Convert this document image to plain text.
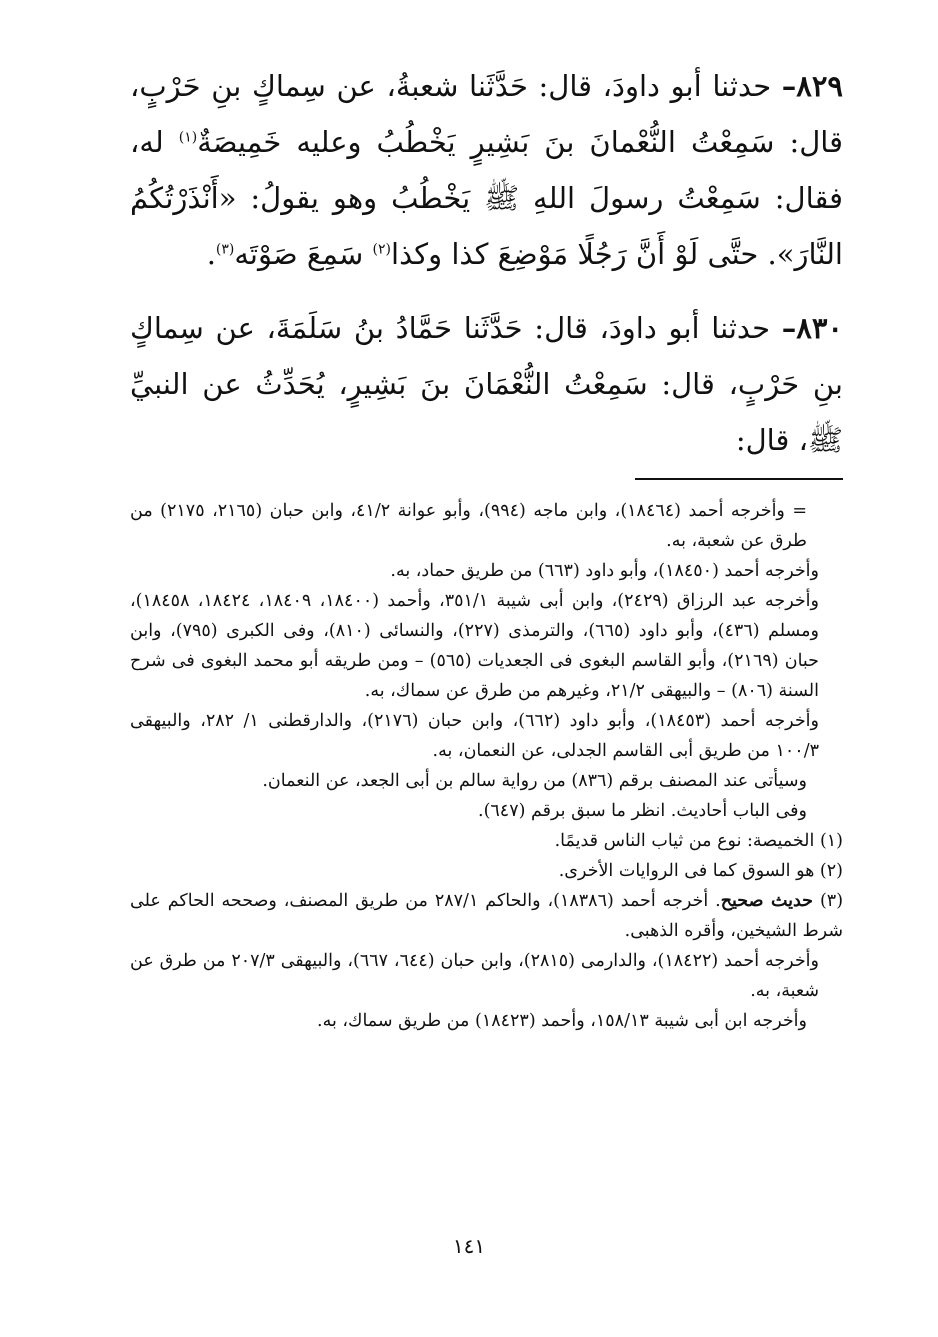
٨٢٩– حدثنا أبو داودَ، قال: حَدَّثَنا شعبةُ، عن سِماكٍ بنِ حَرْبٍ، قال: سَمِعْتُ النُّعْمانَ بنَ بَشِيرٍ يَخْطُبُ وعليه خَمِيصَةٌ$^{(١)}$ له، فقال: سَمِعْتُ رسولَ اللهِ ﷺ يَخْطُبُ وهو يقولُ: «أَنْذَرْتُكُمُ النَّارَ». حتَّى لَوْ أَنَّ رَجُلًا مَوْضِعَ كذا وكذا$^{(٢)}$ سَمِعَ صَوْتَه$^{(٣)}$.

٨٣٠– حدثنا أبو داودَ، قال: حَدَّثَنا حَمَّادُ بنُ سَلَمَةَ، عن سِماكٍ بنِ حَرْبٍ، قال: سَمِعْتُ النُّعْمَانَ بنَ بَشِيرٍ، يُحَدِّثُ عن النبيِّ ﷺ، قال:

= وأخرجه أحمد (١٨٤٦٤)، وابن ماجه (٩٩٤)، وأبو عوانة ٤١/٢، وابن حبان (٢١٦٥، ٢١٧٥) من طرق عن شعبة، به.

وأخرجه أحمد (١٨٤٥٠)، وأبو داود (٦٦٣) من طريق حماد، به.

وأخرجه عبد الرزاق (٢٤٢٩)، وابن أبى شيبة ٣٥١/١، وأحمد (١٨٤٠٠، ١٨٤٠٩، ١٨٤٢٤، ١٨٤٥٨)، ومسلم (٤٣٦)، وأبو داود (٦٦٥)، والترمذى (٢٢٧)، والنسائى (٨١٠)، وفى الكبرى (٧٩٥)، وابن حبان (٢١٦٩)، وأبو القاسم البغوى فى الجعديات (٥٦٥) – ومن طريقه أبو محمد البغوى فى شرح السنة (٨٠٦) – والبيهقى ٢١/٢، وغيرهم من طرق عن سماك، به.

وأخرجه أحمد (١٨٤٥٣)، وأبو داود (٦٦٢)، وابن حبان (٢١٧٦)، والدارقطنى ١/ ٢٨٢، والبيهقى ١٠٠/٣ من طريق أبى القاسم الجدلى، عن النعمان، به.

وسيأتى عند المصنف برقم (٨٣٦) من رواية سالم بن أبى الجعد، عن النعمان.

وفى الباب أحاديث. انظر ما سبق برقم (٦٤٧).

(١) الخميصة: نوع من ثياب الناس قديمًا.

(٢) هو السوق كما فى الروايات الأخرى.

(٣) حديث صحيح. أخرجه أحمد (١٨٣٨٦)، والحاكم ٢٨٧/١ من طريق المصنف، وصححه الحاكم على شرط الشيخين، وأقره الذهبى.

وأخرجه أحمد (١٨٤٢٢)، والدارمى (٢٨١٥)، وابن حبان (٦٤٤، ٦٦٧)، والبيهقى ٢٠٧/٣ من طرق عن شعبة، به.

وأخرجه ابن أبى شيبة ١٥٨/١٣، وأحمد (١٨٤٢٣) من طريق سماك، به.

١٤١
